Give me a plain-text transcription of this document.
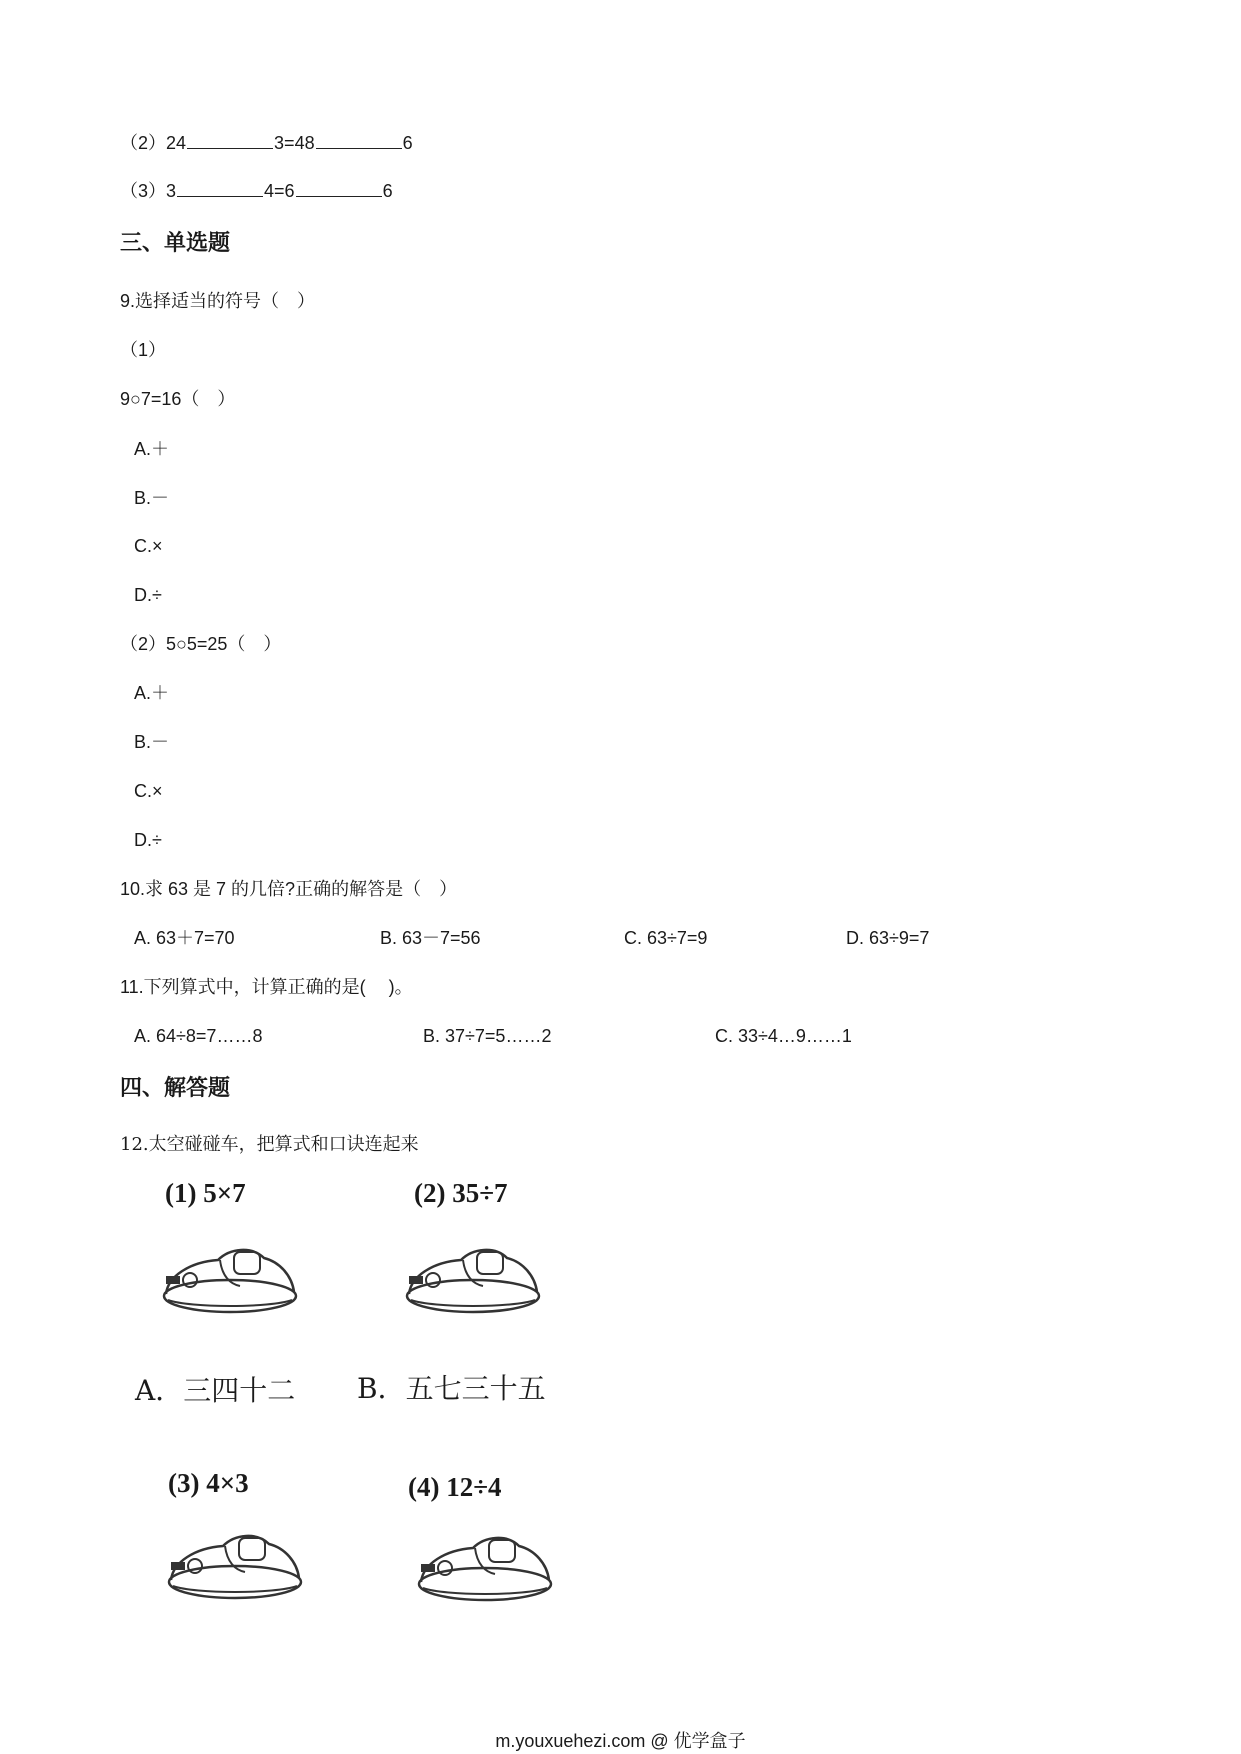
（2）24	3=48	6
（3）3	4=6	6
三、单选题
9.选择适当的符号（　）
（1）
9○7=16（　）
A.＋
B.－
C.×
D.÷
（2）5○5=25（　）
A.＋
B.－
C.×
D.÷
10.求 63 是 7 的几倍?正确的解答是（　）
A. 63＋7=70	B. 63－7=56	C. 63÷7=9	D. 63÷9=7
11.下列算式中，计算正确的是(　 )。
A. 64÷8=7……8	B. 37÷7=5……2	C. 33÷4…9……1
四、解答题
12.太空碰碰车，把算式和口诀连起来
(1) 5×7	(2) 35÷7
(3) 4×3	(4) 12÷4
A．三四十二 B．五七三十五
m.youxuehezi.com @ 优学盒子
